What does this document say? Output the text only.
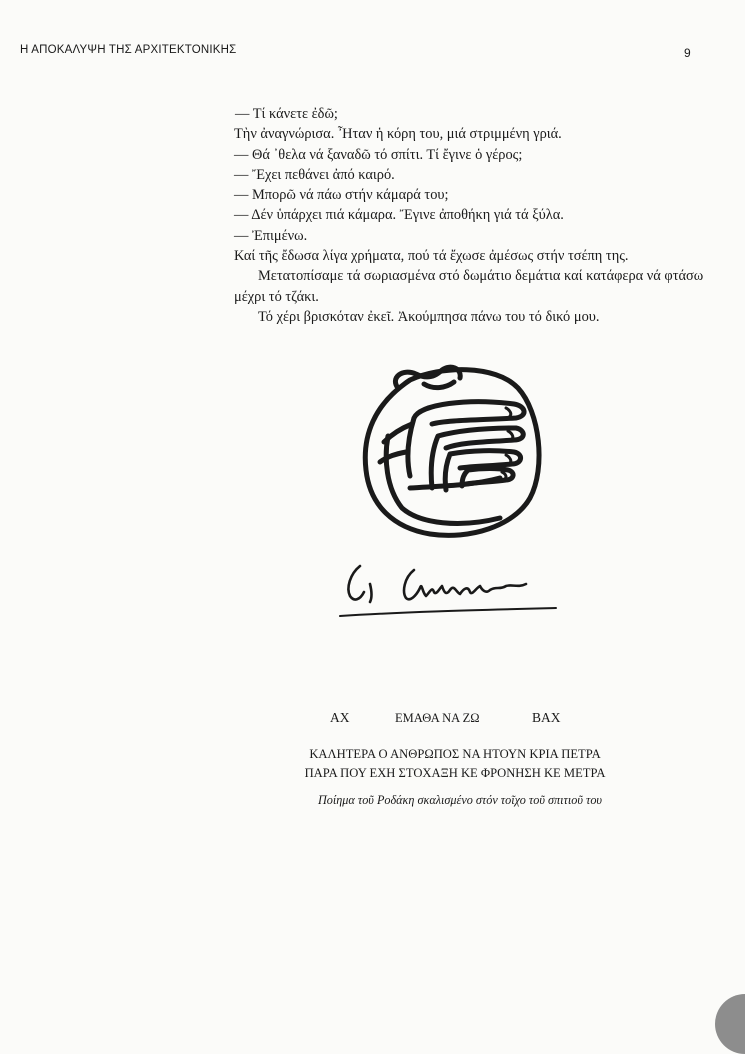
Η ΑΠΟΚΑΛΥΨΗ ΤΗΣ ΑΡΧΙΤΕΚΤΟΝΙΚΗΣ	9
— Τί κάνετε ἐδῶ;
Τὴν ἀναγνώρισα. Ἦταν ἡ κόρη του, μιά στριμμένη γριά.
— Θά ᾽θελα νά ξαναδῶ τό σπίτι. Τί ἔγινε ὁ γέρος;
— Ἔχει πεθάνει ἀπό καιρό.
— Μπορῶ νά πάω στήν κάμαρά του;
— Δέν ὑπάρχει πιά κάμαρα. Ἔγινε ἀποθήκη γιά τά ξύλα.
— Ἐπιμένω.
Καί τῆς ἔδωσα λίγα χρήματα, πού τά ἔχωσε ἀμέσως στήν τσέπη της.
Μετατοπίσαμε τά σωριασμένα στό δωμάτιο δεμάτια καί κατάφερα νά φτάσω μέχρι τό τζάκι.
Τό χέρι βρισκόταν ἐκεῖ. Ἀκούμπησα πάνω του τό δικό μου.
ΑΧ	ΕΜΑΘΑ ΝΑ ΖΩ	ΒΑΧ
ΚΑΛΗΤΕΡΑ Ο ΑΝΘΡΩΠΟΣ ΝΑ ΗΤΟΥΝ ΚΡΙΑ ΠΕΤΡΑ
ΠΑΡΑ ΠΟΥ ΕΧΗ ΣΤΟΧΑΞΗ ΚΕ ΦΡΟΝΗΣΗ ΚΕ ΜΕΤΡΑ
Ποίημα τοῦ Ροδάκη σκαλισμένο στόν τοῖχο τοῦ σπιτιοῦ του
